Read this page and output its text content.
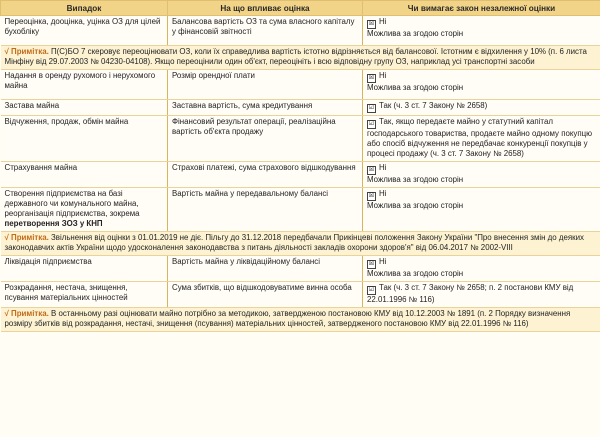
Випадок	На що впливає оцінка	Чи вимагає закон незалежної оцінки
Переоцінка, дооцінка, уцінка ОЗ для цілей бухобліку	Балансова вартість ОЗ та сума власного капіталу у фінансовій звітності	☒ Ні
Можлива за згодою сторін
√ Примітка. П(С)БО 7 скеровує переоцінювати ОЗ, коли їх справедлива вартість істотно відрізняється від балансової. Істотним є відхилення у 10% (п. 6 листа Мінфіну від 29.07.2003 № 04230-04108). Якщо переоцінили один об'єкт, переоцініть і всю відповідну групу ОЗ, наприклад усі транспортні засоби		
Надання в оренду рухомого і нерухомого майна	Розмір орендної плати	☒ Ні
Можлива за згодою сторін
Застава майна	Заставна вартість, сума кредитування	☑ Так (ч. 3 ст. 7 Закону № 2658)
Відчуження, продаж, обмін майна	Фінансовий результат операції, реалізаційна вартість об'єкта продажу	☑ Так, якщо передаєте майно у статутний капітал господарського товариства, продаєте майно одному покупцю або спосіб відчуження не передбачає конкуренції покупців у процесі продажу (ч. 3 ст. 7 Закону № 2658)
Страхування майна	Страхові платежі, сума страхового відшкодування	☒ Ні
Можлива за згодою сторін
Створення підприємства на базі державного чи комунального майна, реорганізація підприємства, зокрема перетворення ЗОЗ у КНП	Вартість майна у передавальному балансі	☒ Ні
Можлива за згодою сторін
√ Примітка. Звільнення від оцінки з 01.01.2019 не діє. Пільгу до 31.12.2018 передбачали Прикінцеві положення Закону України "Про внесення змін до деяких законодавчих актів України щодо удосконалення законодавства з питань діяльності закладів охорони здоров'я" від 06.04.2017 № 2002-VIII		
Ліквідація підприємства	Вартість майна у ліквідаційному балансі	☒ Ні
Можлива за згодою сторін
Розкрадання, нестача, знищення, псування матеріальних цінностей	Сума збитків, що відшкодовуватиме винна особа	☑ Так (ч. 3 ст. 7 Закону № 2658; п. 2 постанови КМУ від 22.01.1996 № 116)
√ Примітка. В останньому разі оцінювати майно потрібно за методикою, затвердженою постановою КМУ від 10.12.2003 № 1891 (п. 2 Порядку визначення розміру збитків від розкрадання, нестачі, знищення (псування) матеріальних цінностей, затвердженого постановою КМУ від 22.01.1996 № 116)		
